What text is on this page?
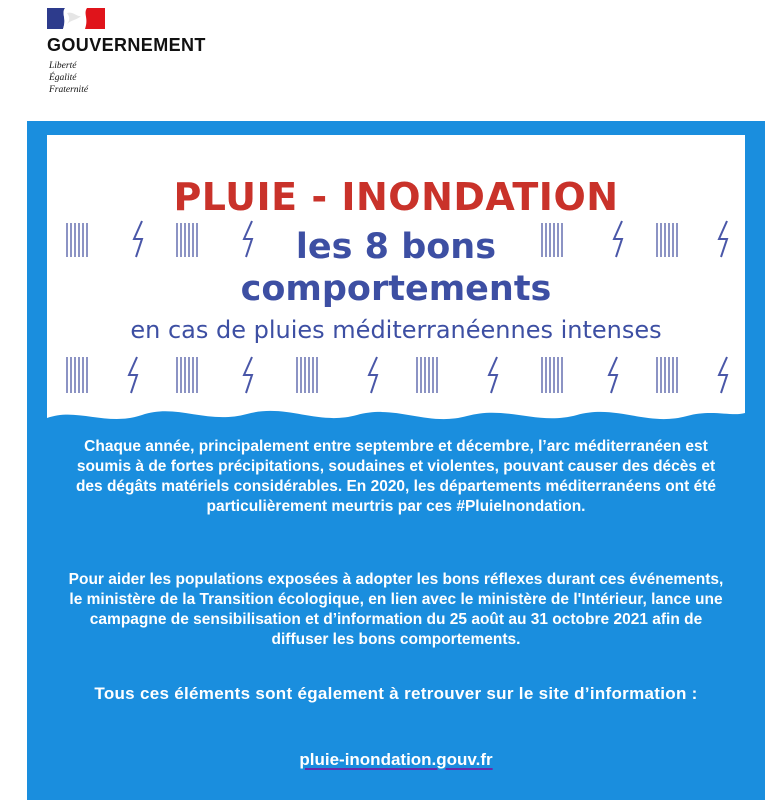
GOUVERNEMENT
Liberté
Égalité
Fraternité
PLUIE - INONDATION
les 8 bons
comportements
en cas de pluies méditerranéennes intenses
Chaque année, principalement entre septembre et décembre, l’arc méditerranéen est soumis à de fortes précipitations, soudaines et violentes, pouvant causer des décès et des dégâts matériels considérables. En 2020, les départements méditerranéens ont été particulièrement meurtris par ces #PluieInondation.
Pour aider les populations exposées à adopter les bons réflexes durant ces événements, le ministère de la Transition écologique, en lien avec le ministère de l'Intérieur, lance une campagne de sensibilisation et d’information du 25 août au 31 octobre 2021 afin de diffuser les bons comportements.
Tous ces éléments sont également à retrouver sur le site d’information :
pluie-inondation.gouv.fr
